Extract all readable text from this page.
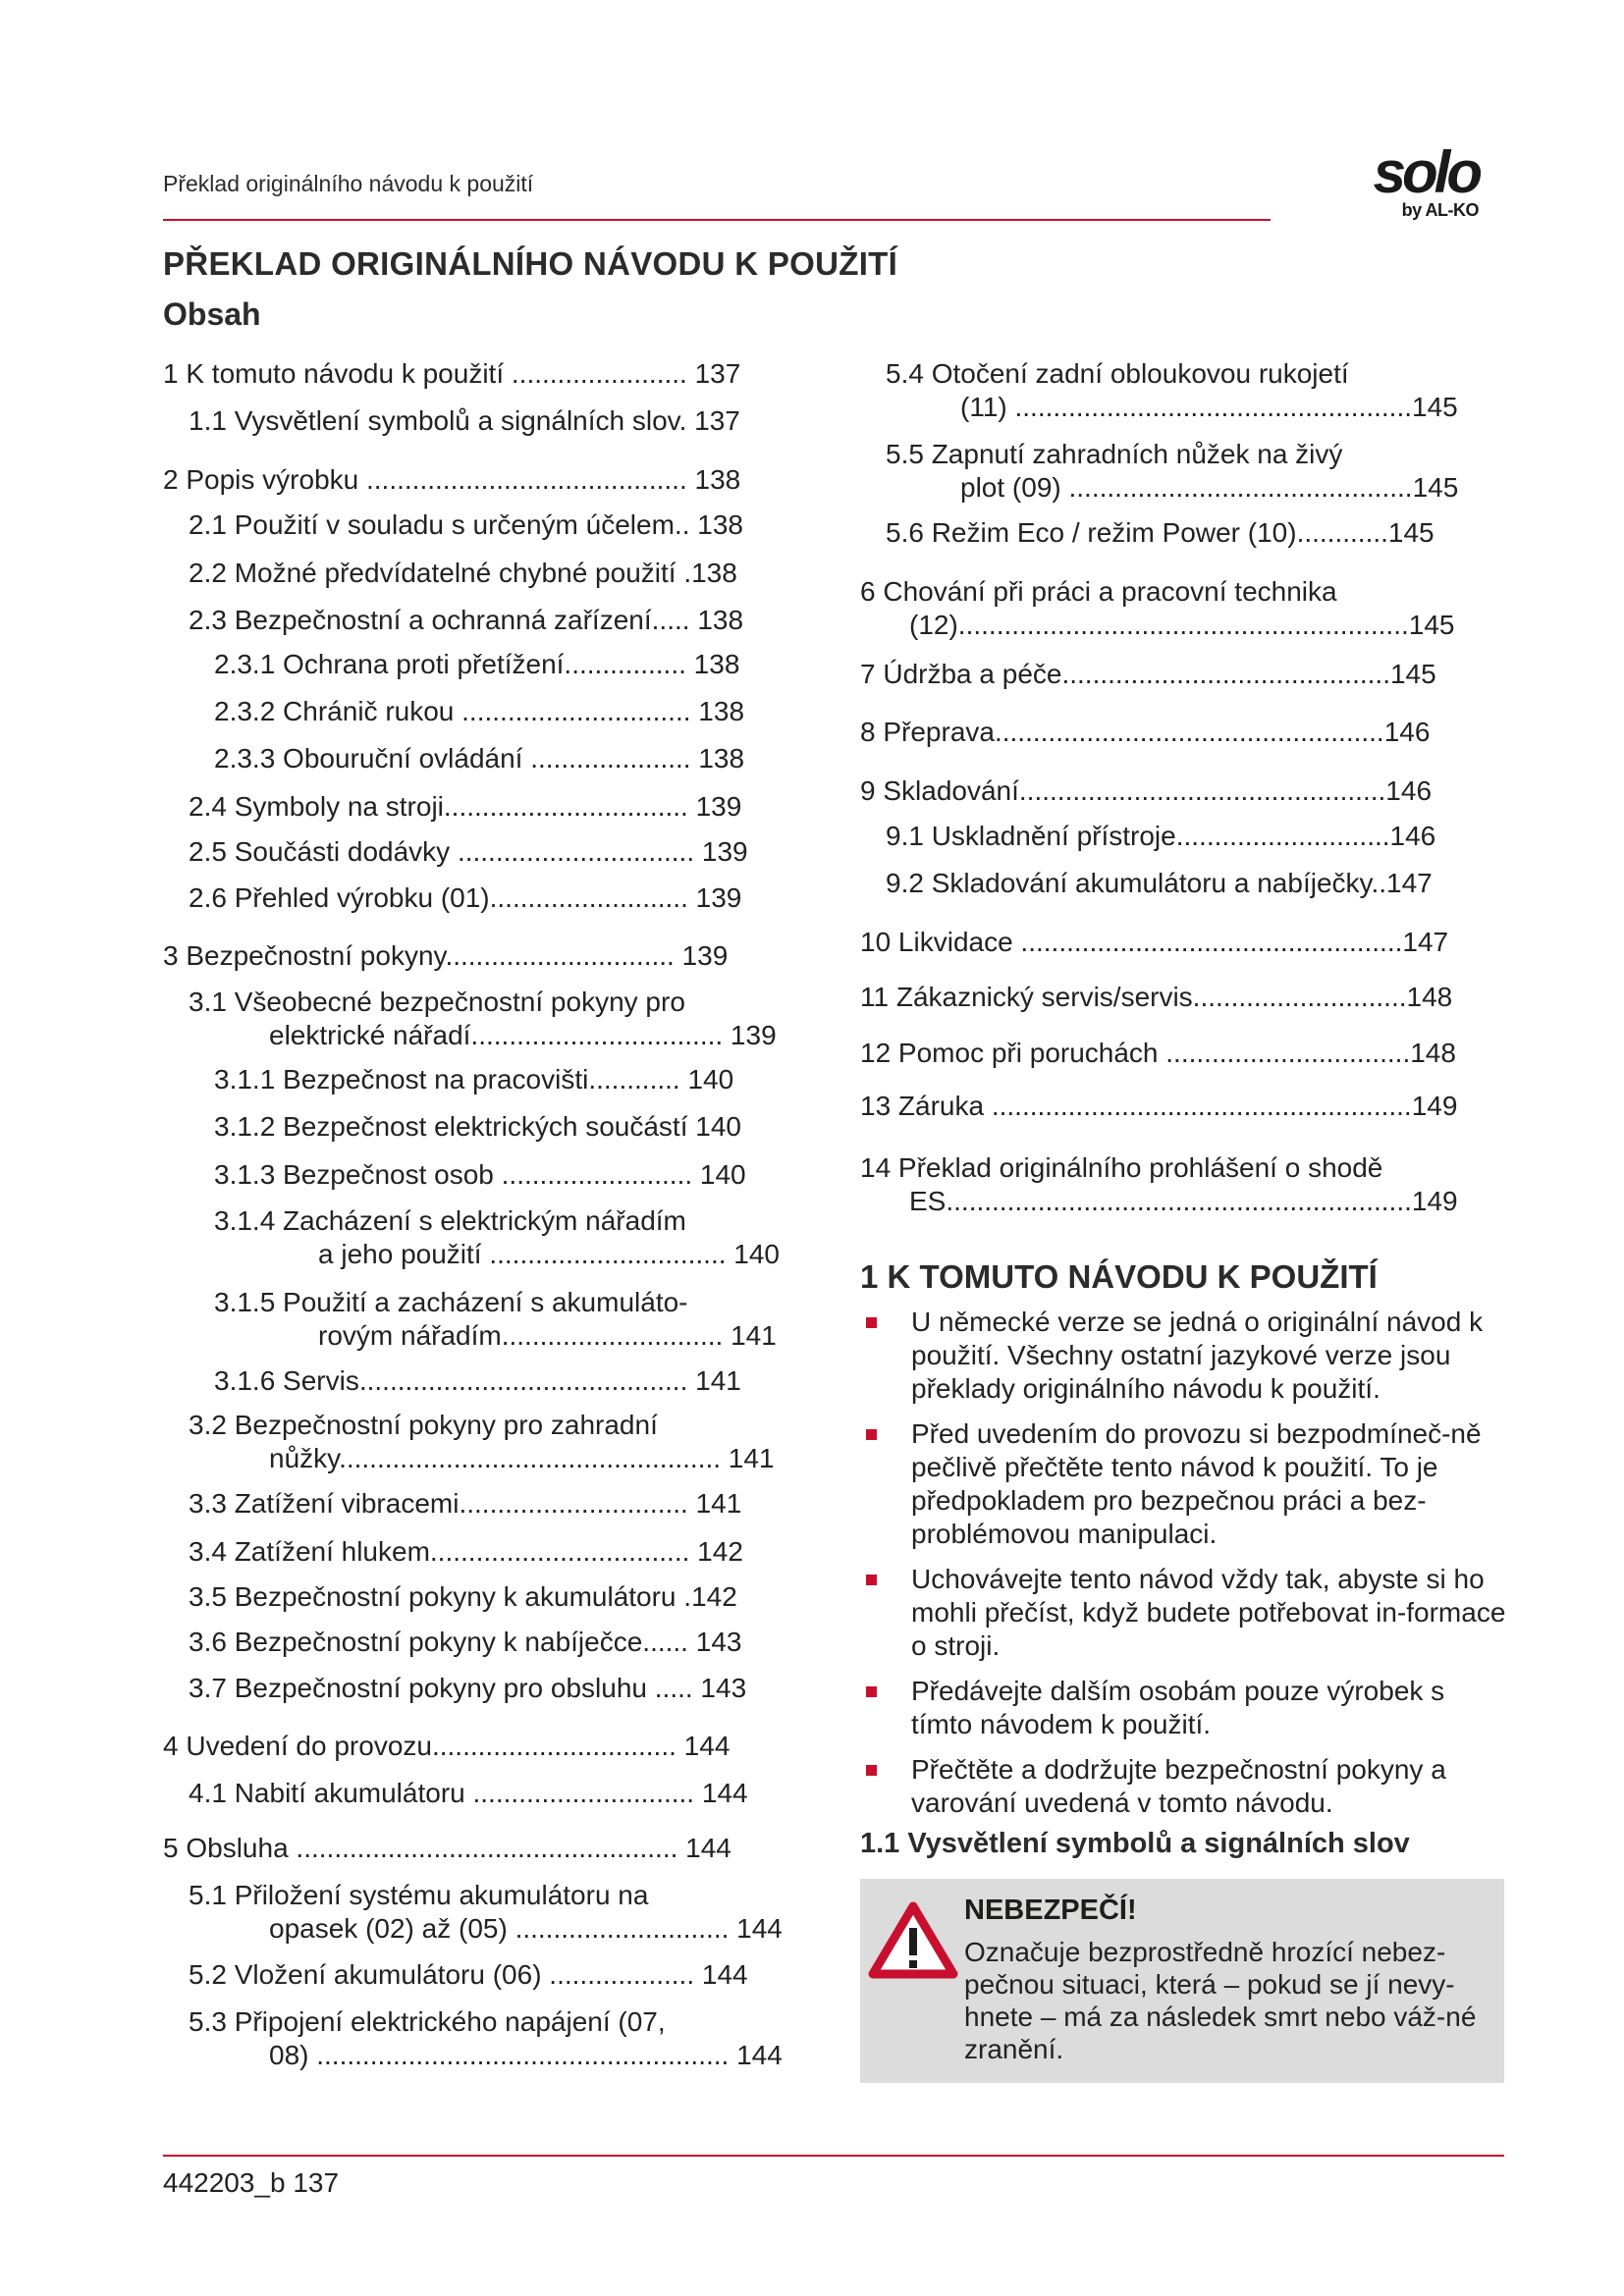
Překlad originálního návodu k použití	solo
by AL-KO
PŘEKLAD ORIGINÁLNÍHO NÁVODU K POUŽITÍ
Obsah
1 K tomuto návodu k použití ....................... 137
1.1 Vysvětlení symbolů a signálních slov. 137
2 Popis výrobku .......................................... 138
2.1 Použití v souladu s určeným účelem.. 138
2.2 Možné předvídatelné chybné použití .138
2.3 Bezpečnostní a ochranná zařízení..... 138
2.3.1 Ochrana proti přetížení................ 138
2.3.2 Chránič rukou .............................. 138
2.3.3 Obouruční ovládání ..................... 138
2.4 Symboly na stroji................................ 139
2.5 Součásti dodávky ............................... 139
2.6 Přehled výrobku (01).......................... 139
3 Bezpečnostní pokyny.............................. 139
3.1 Všeobecné bezpečnostní pokyny pro
elektrické nářadí................................. 139
3.1.1 Bezpečnost na pracovišti............ 140
3.1.2 Bezpečnost elektrických součástí 140
3.1.3 Bezpečnost osob ......................... 140
3.1.4 Zacházení s elektrickým nářadím
a jeho použití ............................... 140
3.1.5 Použití a zacházení s akumuláto-
rovým nářadím............................. 141
3.1.6 Servis........................................... 141
3.2 Bezpečnostní pokyny pro zahradní
nůžky.................................................. 141
3.3 Zatížení vibracemi.............................. 141
3.4 Zatížení hlukem.................................. 142
3.5 Bezpečnostní pokyny k akumulátoru .142
3.6 Bezpečnostní pokyny k nabíječce...... 143
3.7 Bezpečnostní pokyny pro obsluhu ..... 143
4 Uvedení do provozu................................ 144
4.1 Nabití akumulátoru ............................. 144
5 Obsluha .................................................. 144
5.1 Přiložení systému akumulátoru na
opasek (02) až (05) ............................ 144
5.2 Vložení akumulátoru (06) ................... 144
5.3 Připojení elektrického napájení (07,
08) ...................................................... 144
5.4 Otočení zadní obloukovou rukojetí
(11) ....................................................145
5.5 Zapnutí zahradních nůžek na živý
plot (09) .............................................145
5.6 Režim Eco / režim Power (10)............145
6 Chování při práci a pracovní technika
(12)...........................................................145
7 Údržba a péče...........................................145
8 Přeprava...................................................146
9 Skladování................................................146
9.1 Uskladnění přístroje............................146
9.2 Skladování akumulátoru a nabíječky..147
10 Likvidace ..................................................147
11 Zákaznický servis/servis............................148
12 Pomoc při poruchách ................................148
13 Záruka .......................................................149
14 Překlad originálního prohlášení o shodě
ES.............................................................149
1 K TOMUTO NÁVODU K POUŽITÍ
U německé verze se jedná o originální návod k použití. Všechny ostatní jazykové verze jsou překlady originálního návodu k použití.
Před uvedením do provozu si bezpodmíneč-ně pečlivě přečtěte tento návod k použití. To je předpokladem pro bezpečnou práci a bez-problémovou manipulaci.
Uchovávejte tento návod vždy tak, abyste si ho mohli přečíst, když budete potřebovat in-formace o stroji.
Předávejte dalším osobám pouze výrobek s tímto návodem k použití.
Přečtěte a dodržujte bezpečnostní pokyny a varování uvedená v tomto návodu.
1.1 Vysvětlení symbolů a signálních slov
NEBEZPEČÍ!
Označuje bezprostředně hrozící nebez-pečnou situaci, která – pokud se jí nevy-hnete – má za následek smrt nebo váž-né zranění.
442203_b 137
